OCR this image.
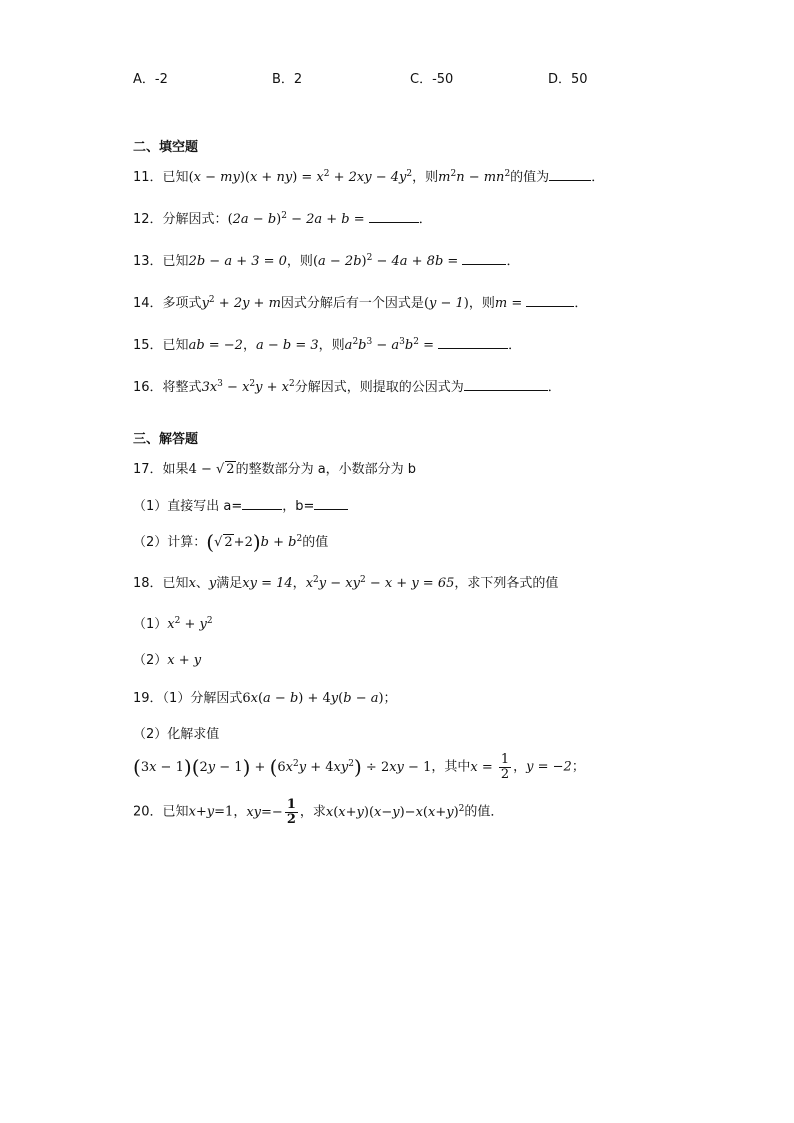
A．-2	B．2	C．-50	D．50
二、填空题
11．已知$(x - my)(x + ny) = x^2 + 2xy - 4y^2$，则$m^2n - mn^2$的值为	．
12．分解因式：$(2a - b)^2 - 2a + b$ =	．
13．已知2b − a + 3 = 0，则$(a - 2b)^2 - 4a + 8b$ =	．
14．多项式$y^2 + 2y + m$因式分解后有一个因式是(y − 1)，则m =	．
15．已知ab = −2，a − b = 3，则$a^2b^3 - a^3b^2$ =	．
16．将整式$3x^3 - x^2y + x^2$分解因式，则提取的公因式为	．
三、解答题
17．如果4 − √ 2的整数部分为 a，小数部分为 b
（1）直接写出 a=	，b=
（2）计算：(√ $2+2)b + b^2$的值
18．已知x、y满足xy = 14，$x^2y - xy^2 - x + y = 65$，求下列各式的值
$(1)x^2 + y^2$
（2）x + y
19．（1）分解因式6x(a − b) + 4y(b − a)；
（2）化解求值
$(3x - 1)(2y - 1) + (6x^2y + 4xy^2) \div 2xy - 1$，其中$x = \frac{1}{2}$ ，y = −2；
20．已知x+y=1，$xy=- \frac{1}{2}$ ，求$x(x+y)(x-y)-x(x+y)^2$的值．
